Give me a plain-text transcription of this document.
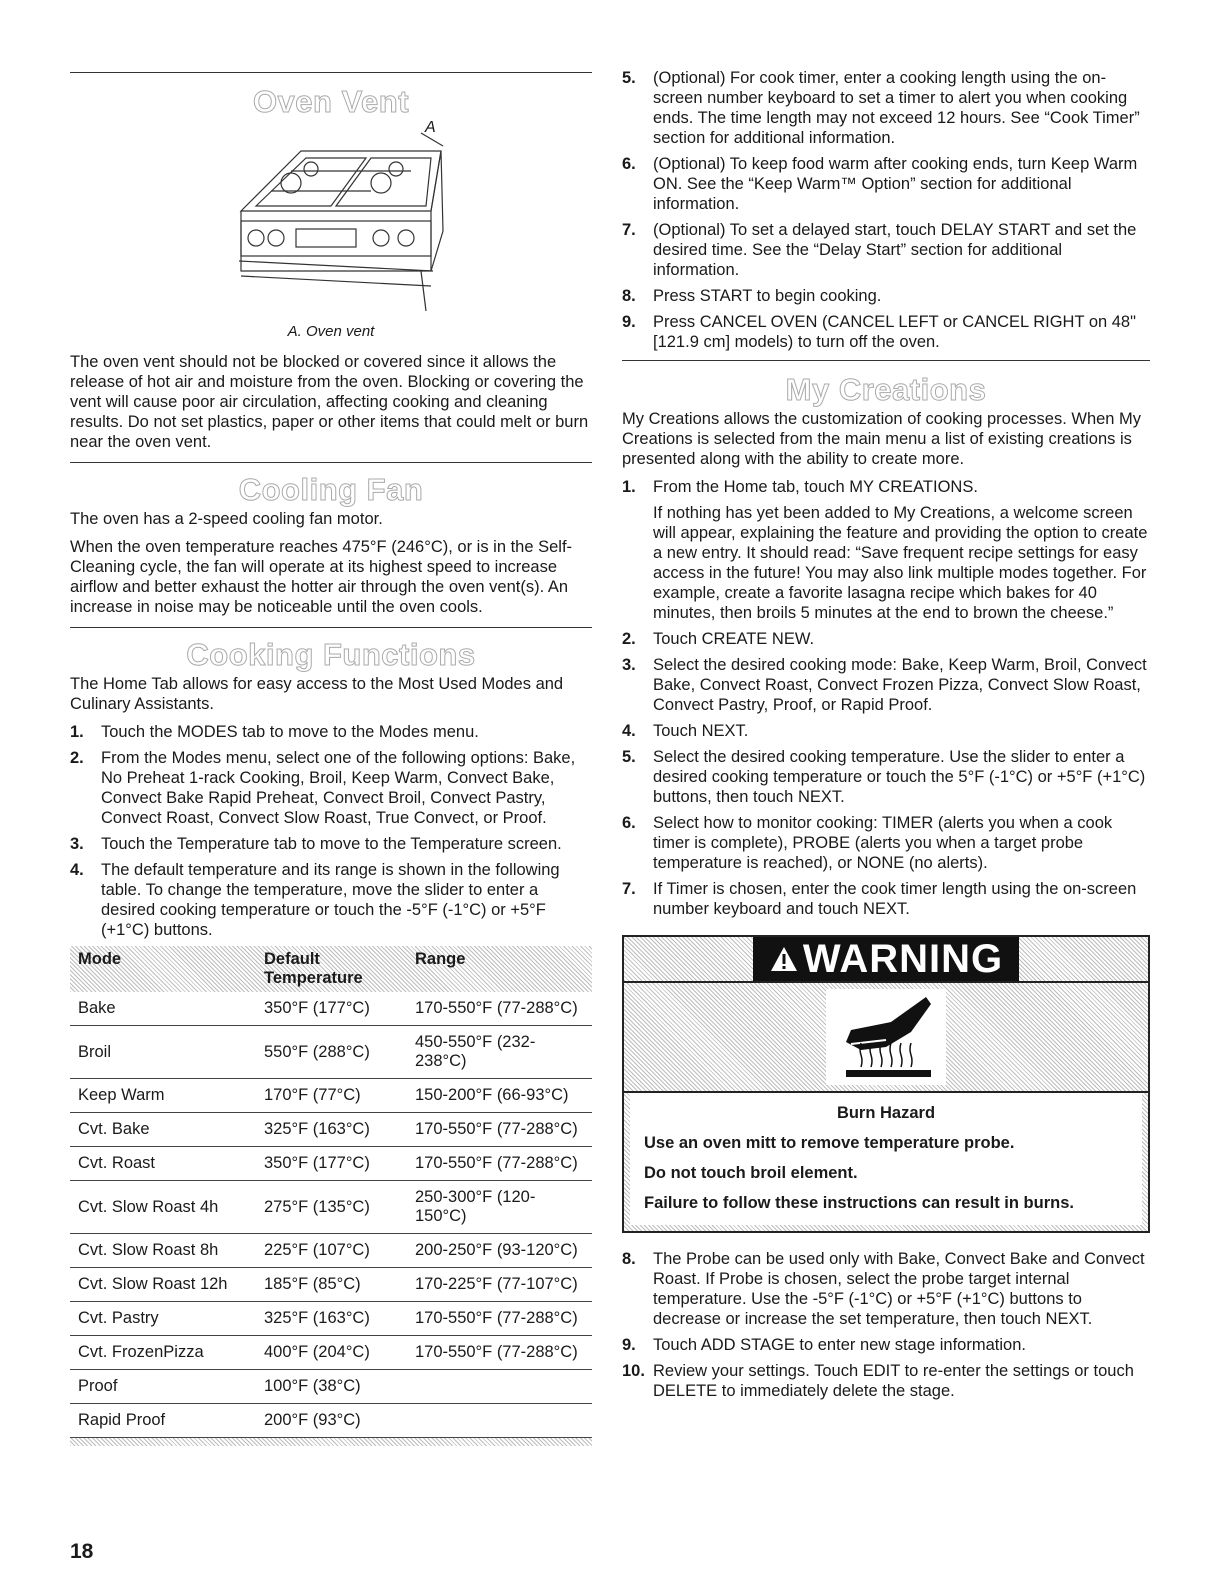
Oven Vent
A
A. Oven vent

The oven vent should not be blocked or covered since it allows the release of hot air and moisture from the oven. Blocking or covering the vent will cause poor air circulation, affecting cooking and cleaning results. Do not set plastics, paper or other items that could melt or burn near the oven vent.

Cooling Fan

The oven has a 2-speed cooling fan motor.

When the oven temperature reaches 475°F (246°C), or is in the Self-Cleaning cycle, the fan will operate at its highest speed to increase airflow and better exhaust the hotter air through the oven vent(s). An increase in noise may be noticeable until the oven cools.

Cooking Functions

The Home Tab allows for easy access to the Most Used Modes and Culinary Assistants.

1. Touch the MODES tab to move to the Modes menu.
2. From the Modes menu, select one of the following options: Bake, No Preheat 1-rack Cooking, Broil, Keep Warm, Convect Bake, Convect Bake Rapid Preheat, Convect Broil, Convect Pastry, Convect Roast, Convect Slow Roast, True Convect, or Proof.
3. Touch the Temperature tab to move to the Temperature screen.
4. The default temperature and its range is shown in the following table. To change the temperature, move the slider to enter a desired cooking temperature or touch the -5°F (-1°C) or +5°F (+1°C) buttons.
Mode	Default Temperature	Range
Bake	350°F (177°C)	170-550°F (77-288°C)
Broil	550°F (288°C)	450-550°F (232-238°C)
Keep Warm	170°F (77°C)	150-200°F (66-93°C)
Cvt. Bake	325°F (163°C)	170-550°F (77-288°C)
Cvt. Roast	350°F (177°C)	170-550°F (77-288°C)
Cvt. Slow Roast 4h	275°F (135°C)	250-300°F (120-150°C)
Cvt. Slow Roast 8h	225°F (107°C)	200-250°F (93-120°C)
Cvt. Slow Roast 12h	185°F (85°C)	170-225°F (77-107°C)
Cvt. Pastry	325°F (163°C)	170-550°F (77-288°C)
Cvt. FrozenPizza	400°F (204°C)	170-550°F (77-288°C)
Proof	100°F (38°C)	
Rapid Proof	200°F (93°C)	
5. (Optional) For cook timer, enter a cooking length using the on-screen number keyboard to set a timer to alert you when cooking ends. The time length may not exceed 12 hours. See “Cook Timer” section for additional information.
6. (Optional) To keep food warm after cooking ends, turn Keep Warm ON. See the “Keep Warm™ Option” section for additional information.
7. (Optional) To set a delayed start, touch DELAY START and set the desired time. See the “Delay Start” section for additional information.
8. Press START to begin cooking.
9. Press CANCEL OVEN (CANCEL LEFT or CANCEL RIGHT on 48" [121.9 cm] models) to turn off the oven.
My Creations

My Creations allows the customization of cooking processes. When My Creations is selected from the main menu a list of existing creations is presented along with the ability to create more.

1. From the Home tab, touch MY CREATIONS.
If nothing has yet been added to My Creations, a welcome screen will appear, explaining the feature and providing the option to create a new entry. It should read: “Save frequent recipe settings for easy access in the future! You may also link multiple modes together. For example, create a favorite lasagna recipe which bakes for 40 minutes, then broils 5 minutes at the end to brown the cheese.”
2. Touch CREATE NEW.
3. Select the desired cooking mode: Bake, Keep Warm, Broil, Convect Bake, Convect Roast, Convect Frozen Pizza, Convect Slow Roast, Convect Pastry, Proof, or Rapid Proof.
4. Touch NEXT.
5. Select the desired cooking temperature. Use the slider to enter a desired cooking temperature or touch the 5°F (-1°C) or +5°F (+1°C) buttons, then touch NEXT.
6. Select how to monitor cooking: TIMER (alerts you when a cook timer is complete), PROBE (alerts you when a target probe temperature is reached), or NONE (no alerts).
7. If Timer is chosen, enter the cook timer length using the on-screen number keyboard and touch NEXT.
WARNING

Burn Hazard

Use an oven mitt to remove temperature probe.

Do not touch broil element.

Failure to follow these instructions can result in burns.

8. The Probe can be used only with Bake, Convect Bake and Convect Roast. If Probe is chosen, select the probe target internal temperature. Use the -5°F (-1°C) or +5°F (+1°C) buttons to decrease or increase the set temperature, then touch NEXT.
9. Touch ADD STAGE to enter new stage information.
10. Review your settings. Touch EDIT to re-enter the settings or touch DELETE to immediately delete the stage.
18
